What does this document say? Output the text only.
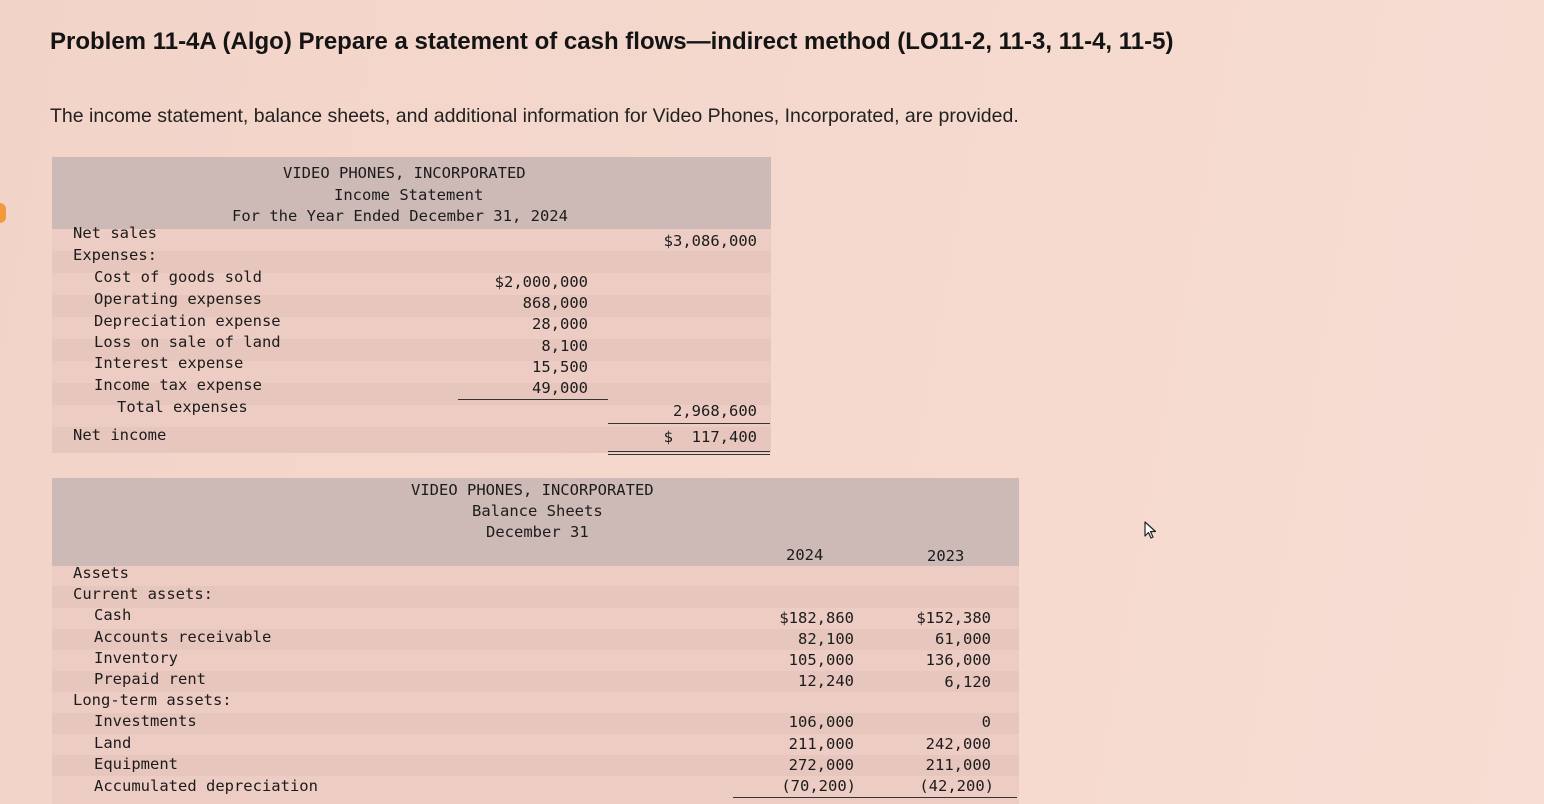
Problem 11-4A (Algo) Prepare a statement of cash flows—indirect method (LO11-2, 11-3, 11-4, 11-5)
The income statement, balance sheets, and additional information for Video Phones, Incorporated, are provided.
VIDEO PHONES, INCORPORATED
Income Statement
For the Year Ended December 31, 2024
Net sales	$3,086,000
Expenses:
Cost of goods sold	$2,000,000
Operating expenses	868,000
Depreciation expense	28,000
Loss on sale of land	8,100
Interest expense	15,500
Income tax expense	49,000
Total expenses	2,968,600
Net income	$  117,400
VIDEO PHONES, INCORPORATED
Balance Sheets
December 31
2024	2023
Assets
Current assets:
Cash	$182,860	$152,380
Accounts receivable	82,100	61,000
Inventory	105,000	136,000
Prepaid rent	12,240	6,120
Long-term assets:
Investments	106,000	0
Land	211,000	242,000
Equipment	272,000	211,000
Accumulated depreciation	(70,200)	(42,200)
